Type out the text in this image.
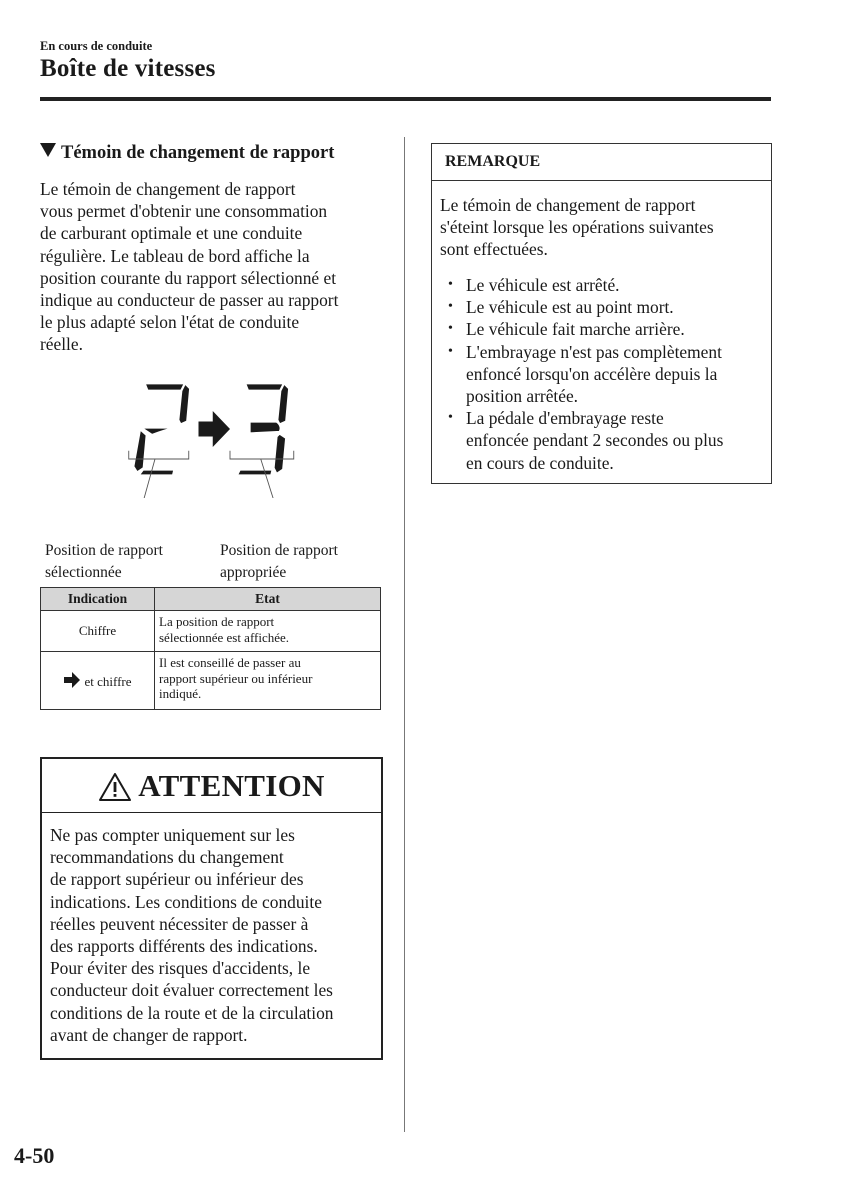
En cours de conduite
Boîte de vitesses
Témoin de changement de rapport
Le témoin de changement de rapport
vous permet d'obtenir une consommation
de carburant optimale et une conduite
régulière. Le tableau de bord affiche la
position courante du rapport sélectionné et
indique au conducteur de passer au rapport
le plus adapté selon l'état de conduite
réelle.
Position de rapport
sélectionnée
Position de rapport
appropriée
Indication	Etat
Chiffre	La position de rapport
sélectionnée est affichée.

et chiffre	Il est conseillé de passer au
rapport supérieur ou inférieur
indiqué.
ATTENTION
Ne pas compter uniquement sur les
recommandations du changement
de rapport supérieur ou inférieur des
indications. Les conditions de conduite
réelles peuvent nécessiter de passer à
des rapports différents des indications.
Pour éviter des risques d'accidents, le
conducteur doit évaluer correctement les
conditions de la route et de la circulation
avant de changer de rapport.
REMARQUE
Le témoin de changement de rapport
s'éteint lorsque les opérations suivantes
sont effectuées.
• Le véhicule est arrêté.
• Le véhicule est au point mort.
• Le véhicule fait marche arrière.
• L'embrayage n'est pas complètement
enfoncé lorsqu'on accélère depuis la
position arrêtée.
• La pédale d'embrayage reste
enfoncée pendant 2 secondes ou plus
en cours de conduite.
4-50
